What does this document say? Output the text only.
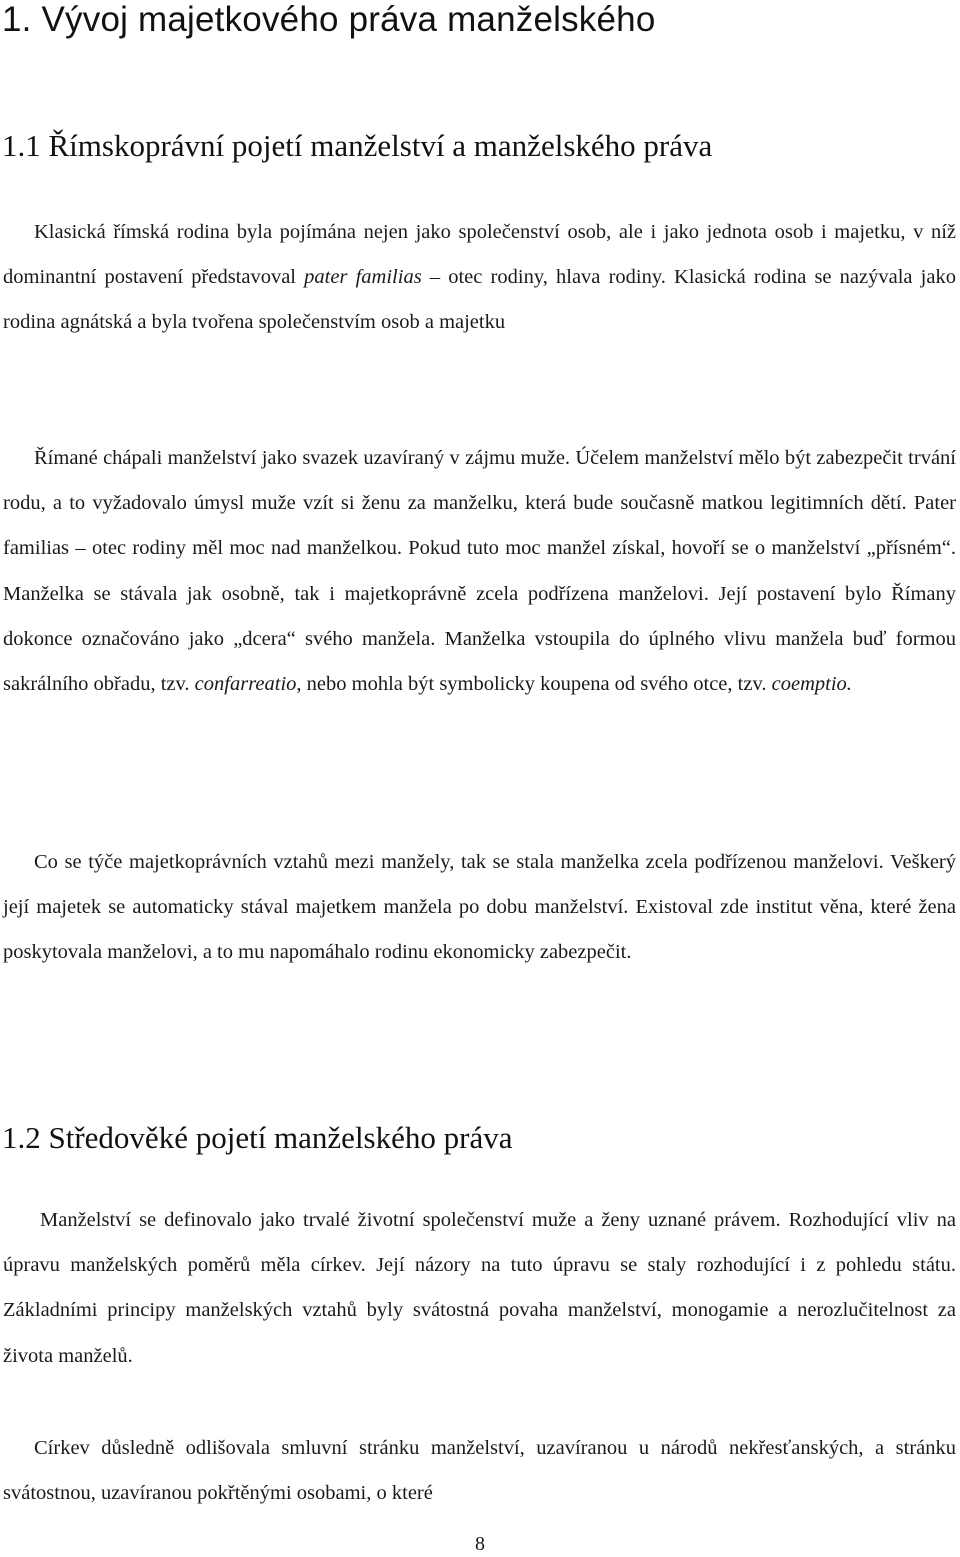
1. Vývoj majetkového práva manželského
1.1 Římskoprávní pojetí manželství a manželského práva

Klasická římská rodina byla pojímána nejen jako společenství osob, ale i jako jednota osob i majetku, v níž dominantní postavení představoval pater familias – otec rodiny, hlava rodiny. Klasická rodina se nazývala jako rodina agnátská a byla tvořena společenstvím osob a majetku

Římané chápali manželství jako svazek uzavíraný v zájmu muže. Účelem manželství mělo být zabezpečit trvání rodu, a to vyžadovalo úmysl muže vzít si ženu za manželku, která bude současně matkou legitimních dětí. Pater familias – otec rodiny měl moc nad manželkou. Pokud tuto moc manžel získal, hovoří se o manželství „přísném“. Manželka se stávala jak osobně, tak i majetkoprávně zcela podřízena manželovi. Její postavení bylo Římany dokonce označováno jako „dcera“ svého manžela. Manželka vstoupila do úplného vlivu manžela buď formou sakrálního obřadu, tzv. confarreatio, nebo mohla být symbolicky koupena od svého otce, tzv. coemptio.

Co se týče majetkoprávních vztahů mezi manžely, tak se stala manželka zcela podřízenou manželovi. Veškerý její majetek se automaticky stával majetkem manžela po dobu manželství. Existoval zde institut věna, které žena poskytovala manželovi, a to mu napomáhalo rodinu ekonomicky zabezpečit.

1.2 Středověké pojetí manželského práva

Manželství se definovalo jako trvalé životní společenství muže a ženy uznané právem. Rozhodující vliv na úpravu manželských poměrů měla církev. Její názory na tuto úpravu se staly rozhodující i z pohledu státu. Základními principy manželských vztahů byly svátostná povaha manželství, monogamie a nerozlučitelnost za života manželů.

Církev důsledně odlišovala smluvní stránku manželství, uzavíranou u národů nekřesťanských, a stránku svátostnou, uzavíranou pokřtěnými osobami, o které

8
